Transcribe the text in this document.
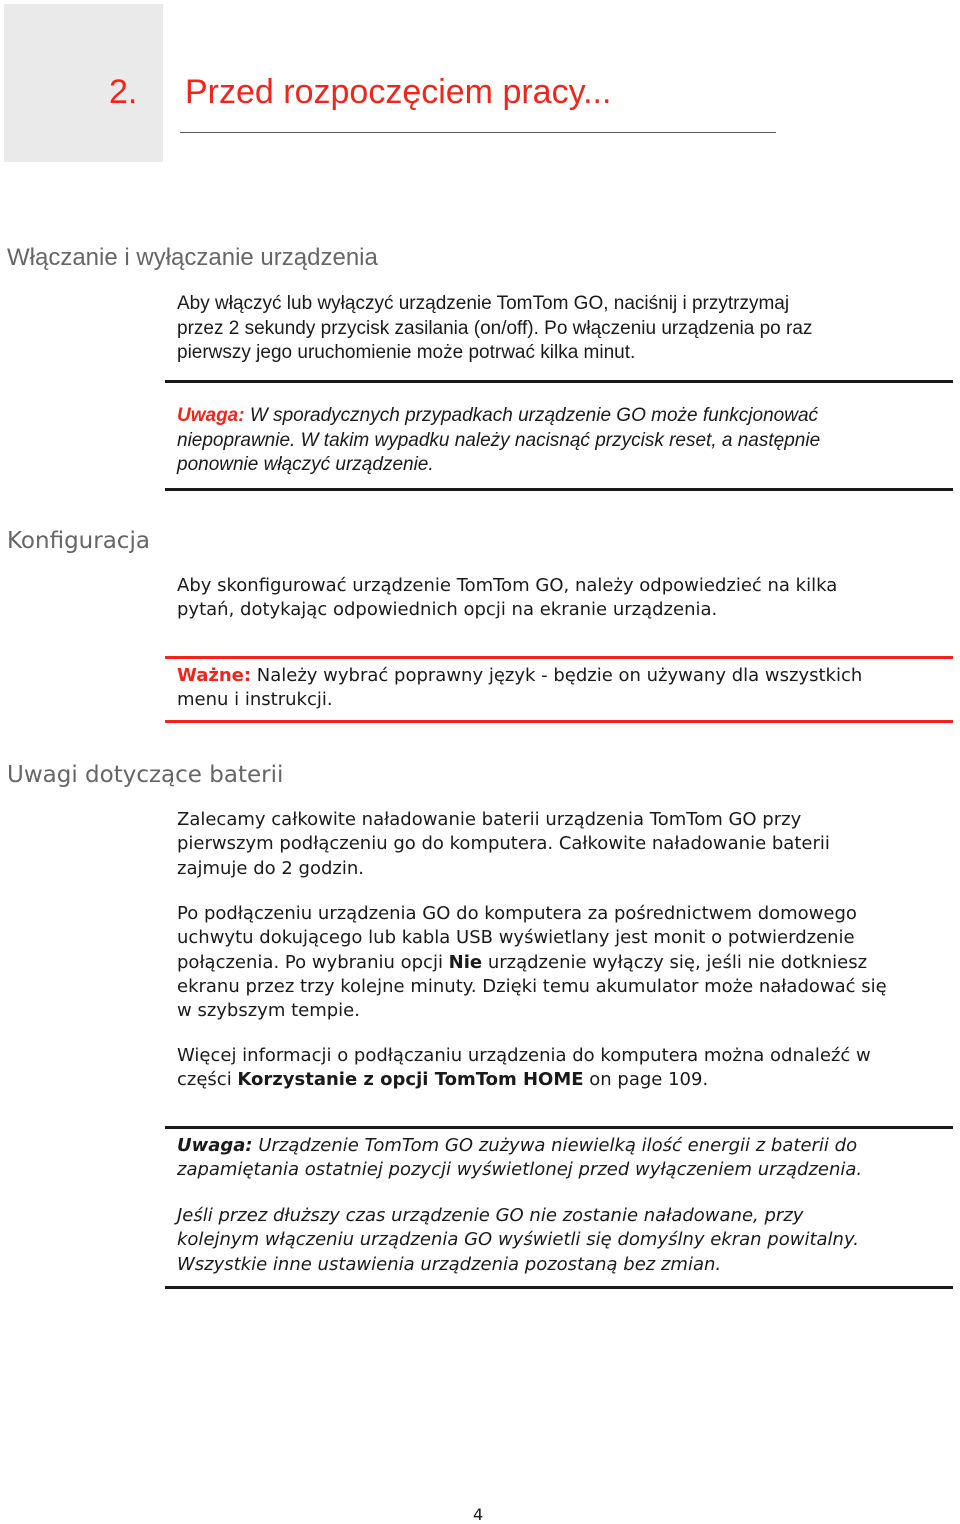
2. Przed rozpoczęciem pracy...
Włączanie i wyłączanie urządzenia
Aby włączyć lub wyłączyć urządzenie TomTom GO, naciśnij i przytrzymaj
przez 2 sekundy przycisk zasilania (on/off). Po włączeniu urządzenia po raz
pierwszy jego uruchomienie może potrwać kilka minut.
Uwaga: W sporadycznych przypadkach urządzenie GO może funkcjonować
niepoprawnie. W takim wypadku należy nacisnąć przycisk reset, a następnie
ponownie włączyć urządzenie.
Konfiguracja
Aby skonfigurować urządzenie TomTom GO, należy odpowiedzieć na kilka
pytań, dotykając odpowiednich opcji na ekranie urządzenia.
Ważne: Należy wybrać poprawny język - będzie on używany dla wszystkich
menu i instrukcji.
Uwagi dotyczące baterii
Zalecamy całkowite naładowanie baterii urządzenia TomTom GO przy
pierwszym podłączeniu go do komputera. Całkowite naładowanie baterii
zajmuje do 2 godzin.
Po podłączeniu urządzenia GO do komputera za pośrednictwem domowego
uchwytu dokującego lub kabla USB wyświetlany jest monit o potwierdzenie
połączenia. Po wybraniu opcji Nie urządzenie wyłączy się, jeśli nie dotkniesz
ekranu przez trzy kolejne minuty. Dzięki temu akumulator może naładować się
w szybszym tempie.
Więcej informacji o podłączaniu urządzenia do komputera można odnaleźć w
części Korzystanie z opcji TomTom HOME on page 109.
Uwaga: Urządzenie TomTom GO zużywa niewielką ilość energii z baterii do
zapamiętania ostatniej pozycji wyświetlonej przed wyłączeniem urządzenia.
Jeśli przez dłuższy czas urządzenie GO nie zostanie naładowane, przy
kolejnym włączeniu urządzenia GO wyświetli się domyślny ekran powitalny.
Wszystkie inne ustawienia urządzenia pozostaną bez zmian.
4
